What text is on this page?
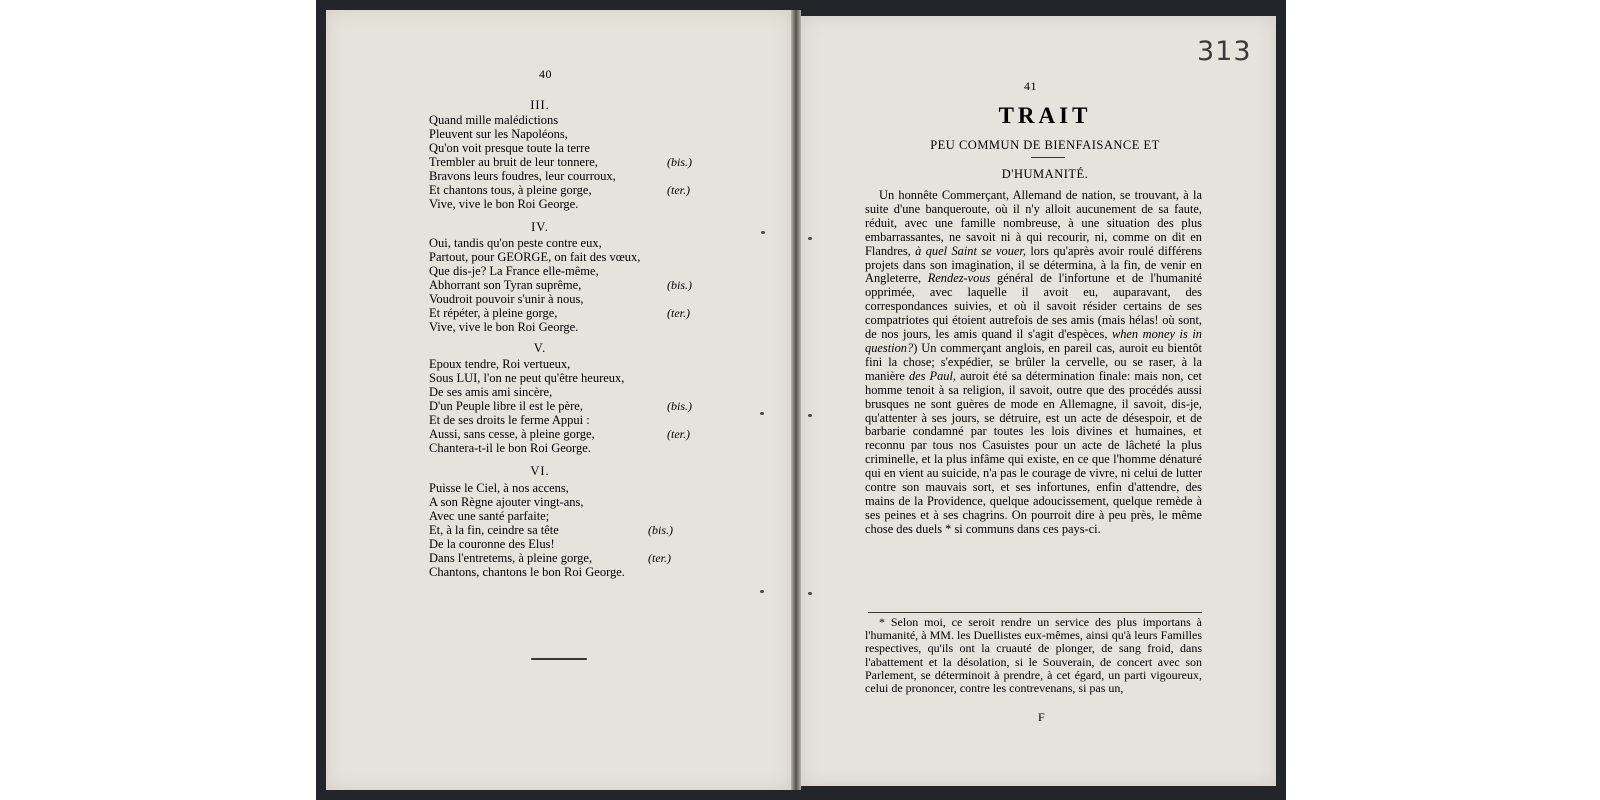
40
III.
Quand mille malédictions
Pleuvent sur les Napoléons,
Qu'on voit presque toute la terre
Trembler au bruit de leur tonnere,	(bis.)
Bravons leurs foudres, leur courroux,
Et chantons tous, à pleine gorge,	(ter.)
Vive, vive le bon Roi George.
IV.
Oui, tandis qu'on peste contre eux,
Partout, pour GEORGE, on fait des vœux,
Que dis-je? La France elle-même,
Abhorrant son Tyran suprême,	(bis.)
Voudroit pouvoir s'unir à nous,
Et répéter, à pleine gorge,	(ter.)
Vive, vive le bon Roi George.
V.
Epoux tendre, Roi vertueux,
Sous LUI, l'on ne peut qu'être heureux,
De ses amis ami sincère,
D'un Peuple libre il est le père,	(bis.)
Et de ses droits le ferme Appui :
Aussi, sans cesse, à pleine gorge,	(ter.)
Chantera-t-il le bon Roi George.
VI.
Puisse le Ciel, à nos accens,
A son Règne ajouter vingt-ans,
Avec une santé parfaite;
Et, à la fin, ceindre sa tête	(bis.)
De la couronne des Elus!
Dans l'entretems, à pleine gorge,	(ter.)
Chantons, chantons le bon Roi George.
41
313
TRAIT
PEU COMMUN DE BIENFAISANCE ET
D'HUMANITÉ.
Un honnête Commerçant, Allemand de nation, se trouvant, à la suite d'une banqueroute, où il n'y alloit aucunement de sa faute, réduit, avec une famille nombreuse, à une situation des plus embarrassantes, ne savoit ni à qui recourir, ni, comme on dit en Flandres, à quel Saint se vouer, lors qu'après avoir roulé différens projets dans son imagination, il se détermina, à la fin, de venir en Angleterre, Rendez-vous général de l'infortune et de l'humanité opprimée, avec laquelle il avoit eu, auparavant, des correspondances suivies, et où il savoit résider certains de ses compatriotes qui étoient autrefois de ses amis (mais hélas! où sont, de nos jours, les amis quand il s'agit d'espèces, when money is in question?) Un commerçant anglois, en pareil cas, auroit eu bientôt fini la chose; s'expédier, se brûler la cervelle, ou se raser, à la manière des Paul, auroit été sa détermination finale: mais non, cet homme tenoit à sa religion, il savoit, outre que des procédés aussi brusques ne sont guères de mode en Allemagne, il savoit, dis-je, qu'attenter à ses jours, se détruire, est un acte de désespoir, et de barbarie condamné par toutes les lois divines et humaines, et reconnu par tous nos Casuistes pour un acte de lâcheté la plus criminelle, et la plus infâme qui existe, en ce que l'homme dénaturé qui en vient au suicide, n'a pas le courage de vivre, ni celui de lutter contre son mauvais sort, et ses infortunes, enfin d'attendre, des mains de la Providence, quelque adoucissement, quelque remède à ses peines et à ses chagrins. On pourroit dire à peu près, le même chose des duels * si communs dans ces pays-ci.
* Selon moi, ce seroit rendre un service des plus importans à l'humanité, à MM. les Duellistes eux-mêmes, ainsi qu'à leurs Familles respectives, qu'ils ont la cruauté de plonger, de sang froid, dans l'abattement et la désolation, si le Souverain, de concert avec son Parlement, se déterminoit à prendre, à cet égard, un parti vigoureux, celui de prononcer, contre les contrevenans, si pas un,
F
